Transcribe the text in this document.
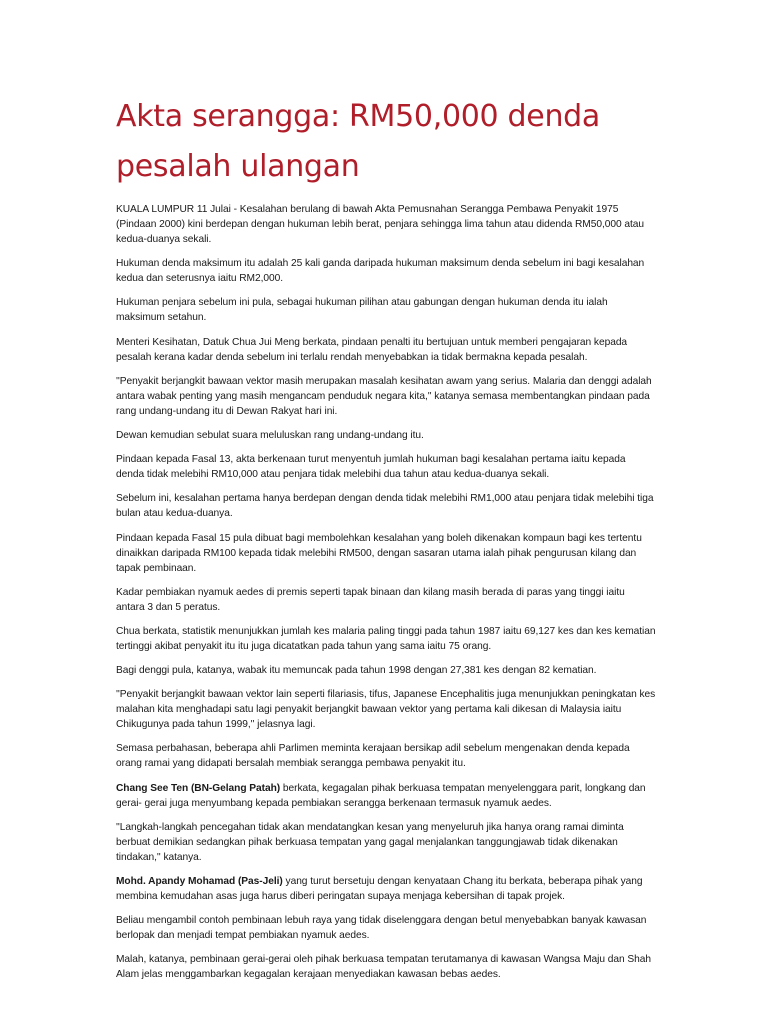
Akta serangga: RM50,000 denda pesalah ulangan

KUALA LUMPUR 11 Julai - Kesalahan berulang di bawah Akta Pemusnahan Serangga Pembawa Penyakit 1975 (Pindaan 2000) kini berdepan dengan hukuman lebih berat, penjara sehingga lima tahun atau didenda RM50,000 atau kedua-duanya sekali.

Hukuman denda maksimum itu adalah 25 kali ganda daripada hukuman maksimum denda sebelum ini bagi kesalahan kedua dan seterusnya iaitu RM2,000.

Hukuman penjara sebelum ini pula, sebagai hukuman pilihan atau gabungan dengan hukuman denda itu ialah maksimum setahun.

Menteri Kesihatan, Datuk Chua Jui Meng berkata, pindaan penalti itu bertujuan untuk memberi pengajaran kepada pesalah kerana kadar denda sebelum ini terlalu rendah menyebabkan ia tidak bermakna kepada pesalah.

''Penyakit berjangkit bawaan vektor masih merupakan masalah kesihatan awam yang serius. Malaria dan denggi adalah antara wabak penting yang masih mengancam penduduk negara kita,'' katanya semasa membentangkan pindaan pada rang undang-undang itu di Dewan Rakyat hari ini.

Dewan kemudian sebulat suara meluluskan rang undang-undang itu.

Pindaan kepada Fasal 13, akta berkenaan turut menyentuh jumlah hukuman bagi kesalahan pertama iaitu kepada denda tidak melebihi RM10,000 atau penjara tidak melebihi dua tahun atau kedua-duanya sekali.

Sebelum ini, kesalahan pertama hanya berdepan dengan denda tidak melebihi RM1,000 atau penjara tidak melebihi tiga bulan atau kedua-duanya.

Pindaan kepada Fasal 15 pula dibuat bagi membolehkan kesalahan yang boleh dikenakan kompaun bagi kes tertentu dinaikkan daripada RM100 kepada tidak melebihi RM500, dengan sasaran utama ialah pihak pengurusan kilang dan tapak pembinaan.

Kadar pembiakan nyamuk aedes di premis seperti tapak binaan dan kilang masih berada di paras yang tinggi iaitu antara 3 dan 5 peratus.

Chua berkata, statistik menunjukkan jumlah kes malaria paling tinggi pada tahun 1987 iaitu 69,127 kes dan kes kematian tertinggi akibat penyakit itu itu juga dicatatkan pada tahun yang sama iaitu 75 orang.

Bagi denggi pula, katanya, wabak itu memuncak pada tahun 1998 dengan 27,381 kes dengan 82 kematian.

''Penyakit berjangkit bawaan vektor lain seperti filariasis, tifus, Japanese Encephalitis juga menunjukkan peningkatan kes malahan kita menghadapi satu lagi penyakit berjangkit bawaan vektor yang pertama kali dikesan di Malaysia iaitu Chikugunya pada tahun 1999,'' jelasnya lagi.

Semasa perbahasan, beberapa ahli Parlimen meminta kerajaan bersikap adil sebelum mengenakan denda kepada orang ramai yang didapati bersalah membiak serangga pembawa penyakit itu.

Chang See Ten (BN-Gelang Patah) berkata, kegagalan pihak berkuasa tempatan menyelenggara parit, longkang dan gerai- gerai juga menyumbang kepada pembiakan serangga berkenaan termasuk nyamuk aedes.

''Langkah-langkah pencegahan tidak akan mendatangkan kesan yang menyeluruh jika hanya orang ramai diminta berbuat demikian sedangkan pihak berkuasa tempatan yang gagal menjalankan tanggungjawab tidak dikenakan tindakan,'' katanya.

Mohd. Apandy Mohamad (Pas-Jeli) yang turut bersetuju dengan kenyataan Chang itu berkata, beberapa pihak yang membina kemudahan asas juga harus diberi peringatan supaya menjaga kebersihan di tapak projek.

Beliau mengambil contoh pembinaan lebuh raya yang tidak diselenggara dengan betul menyebabkan banyak kawasan berlopak dan menjadi tempat pembiakan nyamuk aedes.

Malah, katanya, pembinaan gerai-gerai oleh pihak berkuasa tempatan terutamanya di kawasan Wangsa Maju dan Shah Alam jelas menggambarkan kegagalan kerajaan menyediakan kawasan bebas aedes.
